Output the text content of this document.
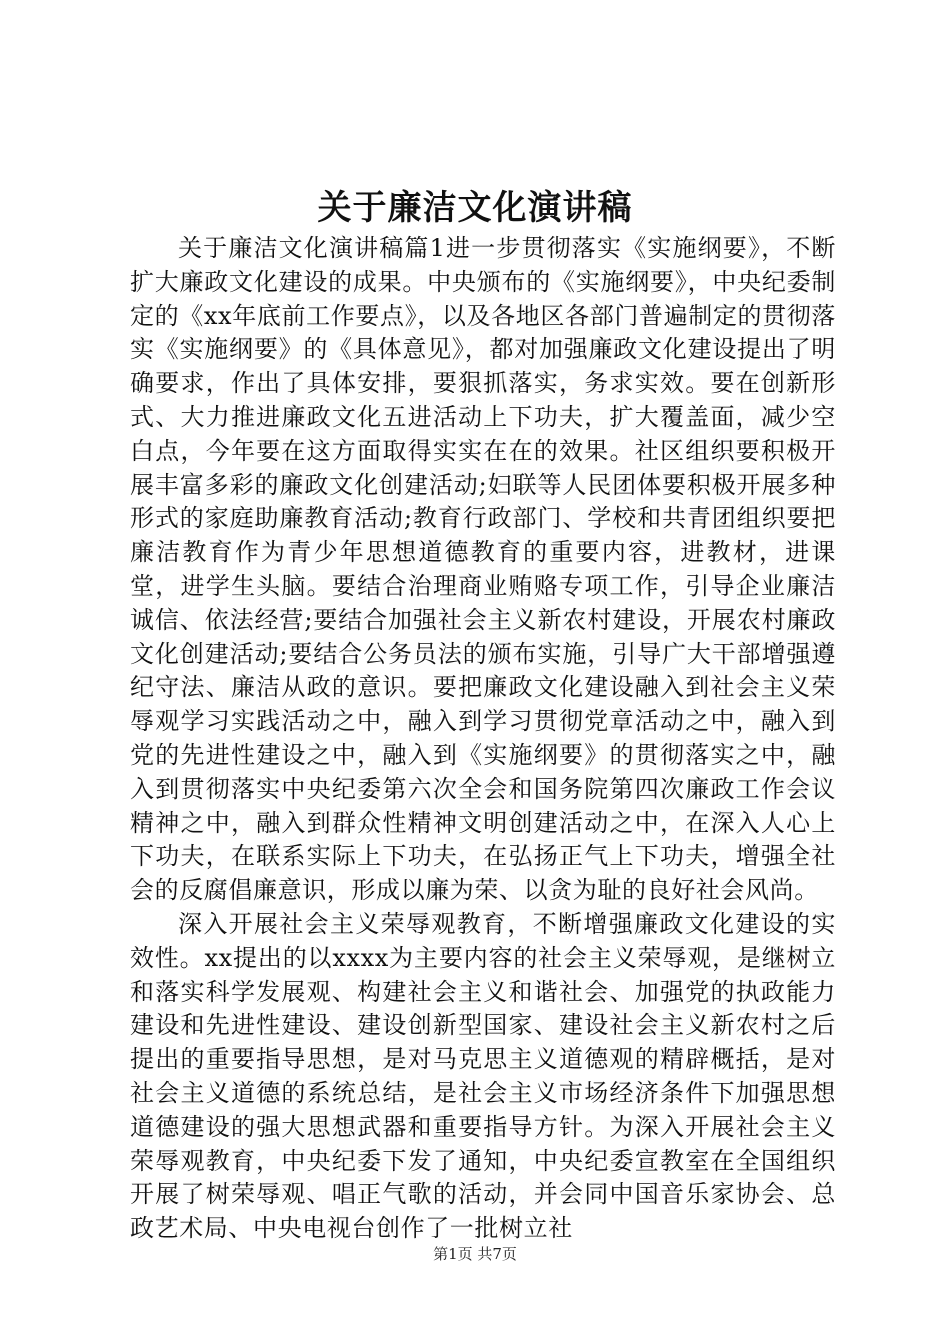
关于廉洁文化演讲稿

关于廉洁文化演讲稿篇1进一步贯彻落实《实施纲要》，不断扩大廉政文化建设的成果。中央颁布的《实施纲要》，中央纪委制定的《xx年底前工作要点》，以及各地区各部门普遍制定的贯彻落实《实施纲要》的《具体意见》，都对加强廉政文化建设提出了明确要求，作出了具体安排，要狠抓落实，务求实效。要在创新形式、大力推进廉政文化五进活动上下功夫，扩大覆盖面，减少空白点，今年要在这方面取得实实在在的效果。社区组织要积极开展丰富多彩的廉政文化创建活动;妇联等人民团体要积极开展多种形式的家庭助廉教育活动;教育行政部门、学校和共青团组织要把廉洁教育作为青少年思想道德教育的重要内容，进教材，进课堂，进学生头脑。要结合治理商业贿赂专项工作，引导企业廉洁诚信、依法经营;要结合加强社会主义新农村建设，开展农村廉政文化创建活动;要结合公务员法的颁布实施，引导广大干部增强遵纪守法、廉洁从政的意识。要把廉政文化建设融入到社会主义荣辱观学习实践活动之中，融入到学习贯彻党章活动之中，融入到党的先进性建设之中，融入到《实施纲要》的贯彻落实之中，融入到贯彻落实中央纪委第六次全会和国务院第四次廉政工作会议精神之中，融入到群众性精神文明创建活动之中，在深入人心上下功夫，在联系实际上下功夫，在弘扬正气上下功夫，增强全社会的反腐倡廉意识，形成以廉为荣、以贪为耻的良好社会风尚。

深入开展社会主义荣辱观教育，不断增强廉政文化建设的实效性。xx提出的以xxxx为主要内容的社会主义荣辱观，是继树立和落实科学发展观、构建社会主义和谐社会、加强党的执政能力建设和先进性建设、建设创新型国家、建设社会主义新农村之后提出的重要指导思想，是对马克思主义道德观的精辟概括，是对社会主义道德的系统总结，是社会主义市场经济条件下加强思想道德建设的强大思想武器和重要指导方针。为深入开展社会主义荣辱观教育，中央纪委下发了通知，中央纪委宣教室在全国组织开展了树荣辱观、唱正气歌的活动，并会同中国音乐家协会、总政艺术局、中央电视台创作了一批树立社

第1页 共7页
